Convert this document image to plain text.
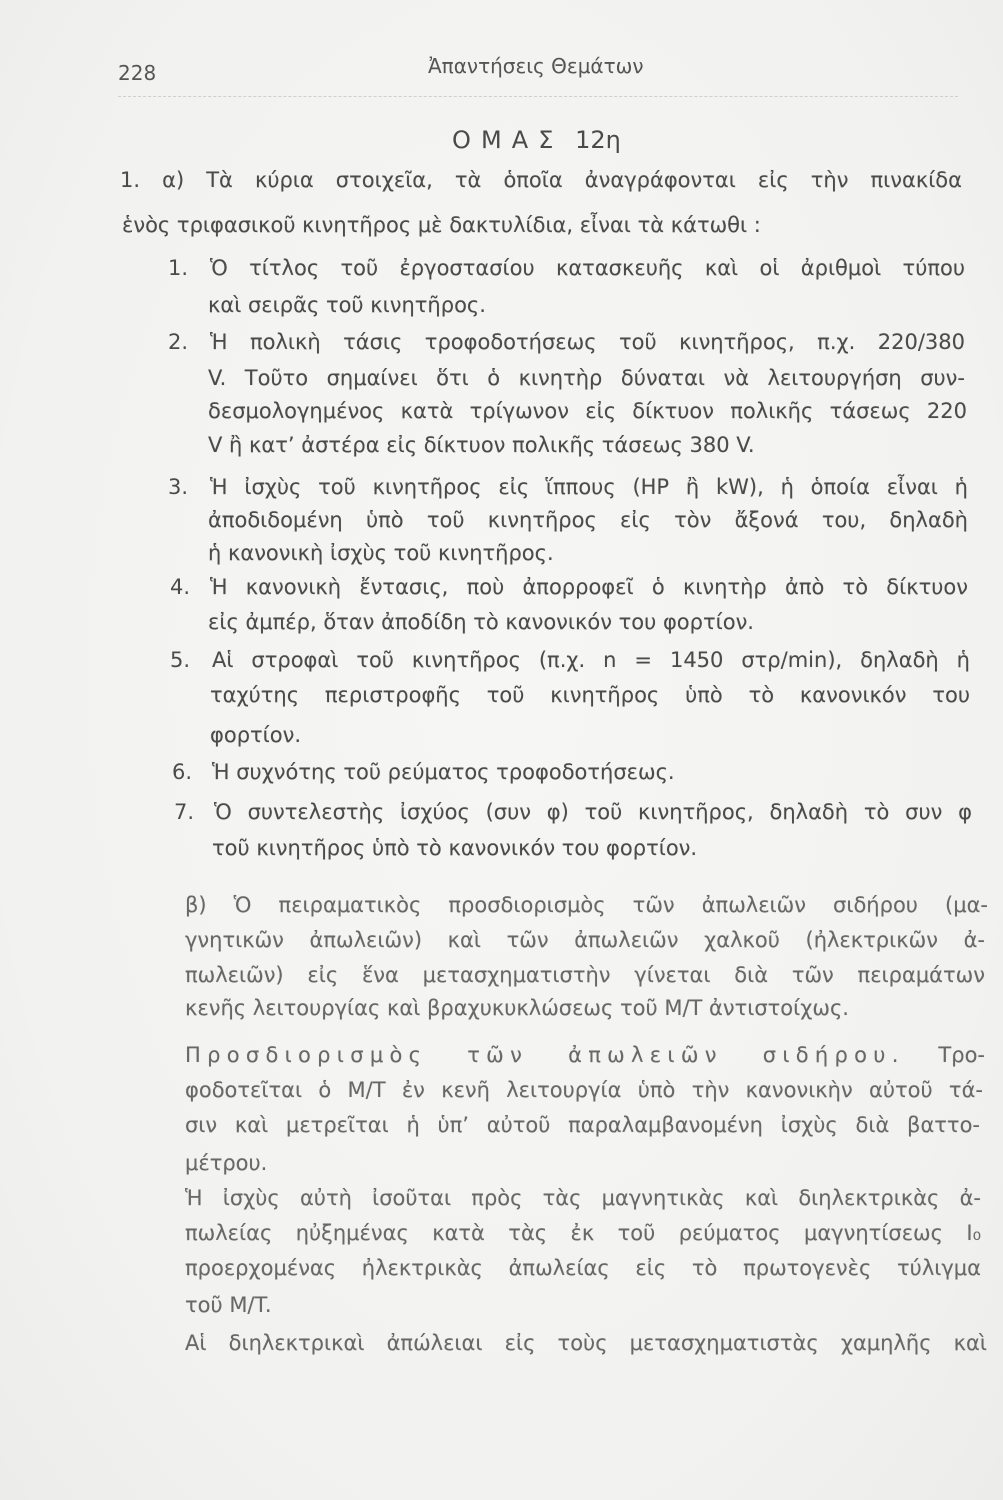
228	Ἀπαντήσεις Θεμάτων
ΟΜΑΣ 12η
1. α) Τὰ κύρια στοιχεῖα, τὰ ὁποῖα ἀναγράφονται εἰς τὴν πινακίδα
ἑνὸς τριφασικοῦ κινητῆρος μὲ δακτυλίδια, εἶναι τὰ κάτωθι :
1. Ὁ τίτλος τοῦ ἐργοστασίου κατασκευῆς καὶ οἱ ἀριθμοὶ τύπου
καὶ σειρᾶς τοῦ κινητῆρος.
2. Ἡ πολικὴ τάσις τροφοδοτήσεως τοῦ κινητῆρος, π.χ. 220/380
V. Τοῦτο σημαίνει ὅτι ὁ κινητὴρ δύναται νὰ λειτουργήση συν-
δεσμολογημένος κατὰ τρίγωνον εἰς δίκτυον πολικῆς τάσεως 220
V ἢ κατ’ ἀστέρα εἰς δίκτυον πολικῆς τάσεως 380 V.
3. Ἡ ἰσχὺς τοῦ κινητῆρος εἰς ἵππους (HP ἢ kW), ἡ ὁποία εἶναι ἡ
ἀποδιδομένη ὑπὸ τοῦ κινητῆρος εἰς τὸν ἄξονά του, δηλαδὴ
ἡ κανονικὴ ἰσχὺς τοῦ κινητῆρος.
4. Ἡ κανονικὴ ἔντασις, ποὺ ἀπορροφεῖ ὁ κινητὴρ ἀπὸ τὸ δίκτυον
εἰς ἀμπέρ, ὅταν ἀποδίδη τὸ κανονικόν του φορτίον.
5. Αἱ στροφαὶ τοῦ κινητῆρος (π.χ. n = 1450 στρ/min), δηλαδὴ ἡ
ταχύτης περιστροφῆς τοῦ κινητῆρος ὑπὸ τὸ κανονικόν του
φορτίον.
6. Ἡ συχνότης τοῦ ρεύματος τροφοδοτήσεως.
7. Ὁ συντελεστὴς ἰσχύος (συν φ) τοῦ κινητῆρος, δηλαδὴ τὸ συν φ
τοῦ κινητῆρος ὑπὸ τὸ κανονικόν του φορτίον.
β) Ὁ πειραματικὸς προσδιορισμὸς τῶν ἀπωλειῶν σιδήρου (μα-
γνητικῶν ἀπωλειῶν) καὶ τῶν ἀπωλειῶν χαλκοῦ (ἠλεκτρικῶν ἀ-
πωλειῶν) εἰς ἕνα μετασχηματιστὴν γίνεται διὰ τῶν πειραμάτων
κενῆς λειτουργίας καὶ βραχυκυκλώσεως τοῦ M/T ἀντιστοίχως.
Προσδιορισμὸς τῶν ἀπωλειῶν σιδήρου. Τρο-
φοδοτεῖται ὁ M/T ἐν κενῆ λειτουργία ὑπὸ τὴν κανονικὴν αὐτοῦ τά-
σιν καὶ μετρεῖται ἡ ὑπ’ αὐτοῦ παραλαμβανομένη ἰσχὺς διὰ βαττο-
μέτρου.
Ἡ ἰσχὺς αὐτὴ ἰσοῦται πρὸς τὰς μαγνητικὰς καὶ διηλεκτρικὰς ἀ-
πωλείας ηὐξημένας κατὰ τὰς ἐκ τοῦ ρεύματος μαγνητίσεως I₀
προερχομένας ἠλεκτρικὰς ἀπωλείας εἰς τὸ πρωτογενὲς τύλιγμα
τοῦ M/T.
Αἱ διηλεκτρικαὶ ἀπώλειαι εἰς τοὺς μετασχηματιστὰς χαμηλῆς καὶ
